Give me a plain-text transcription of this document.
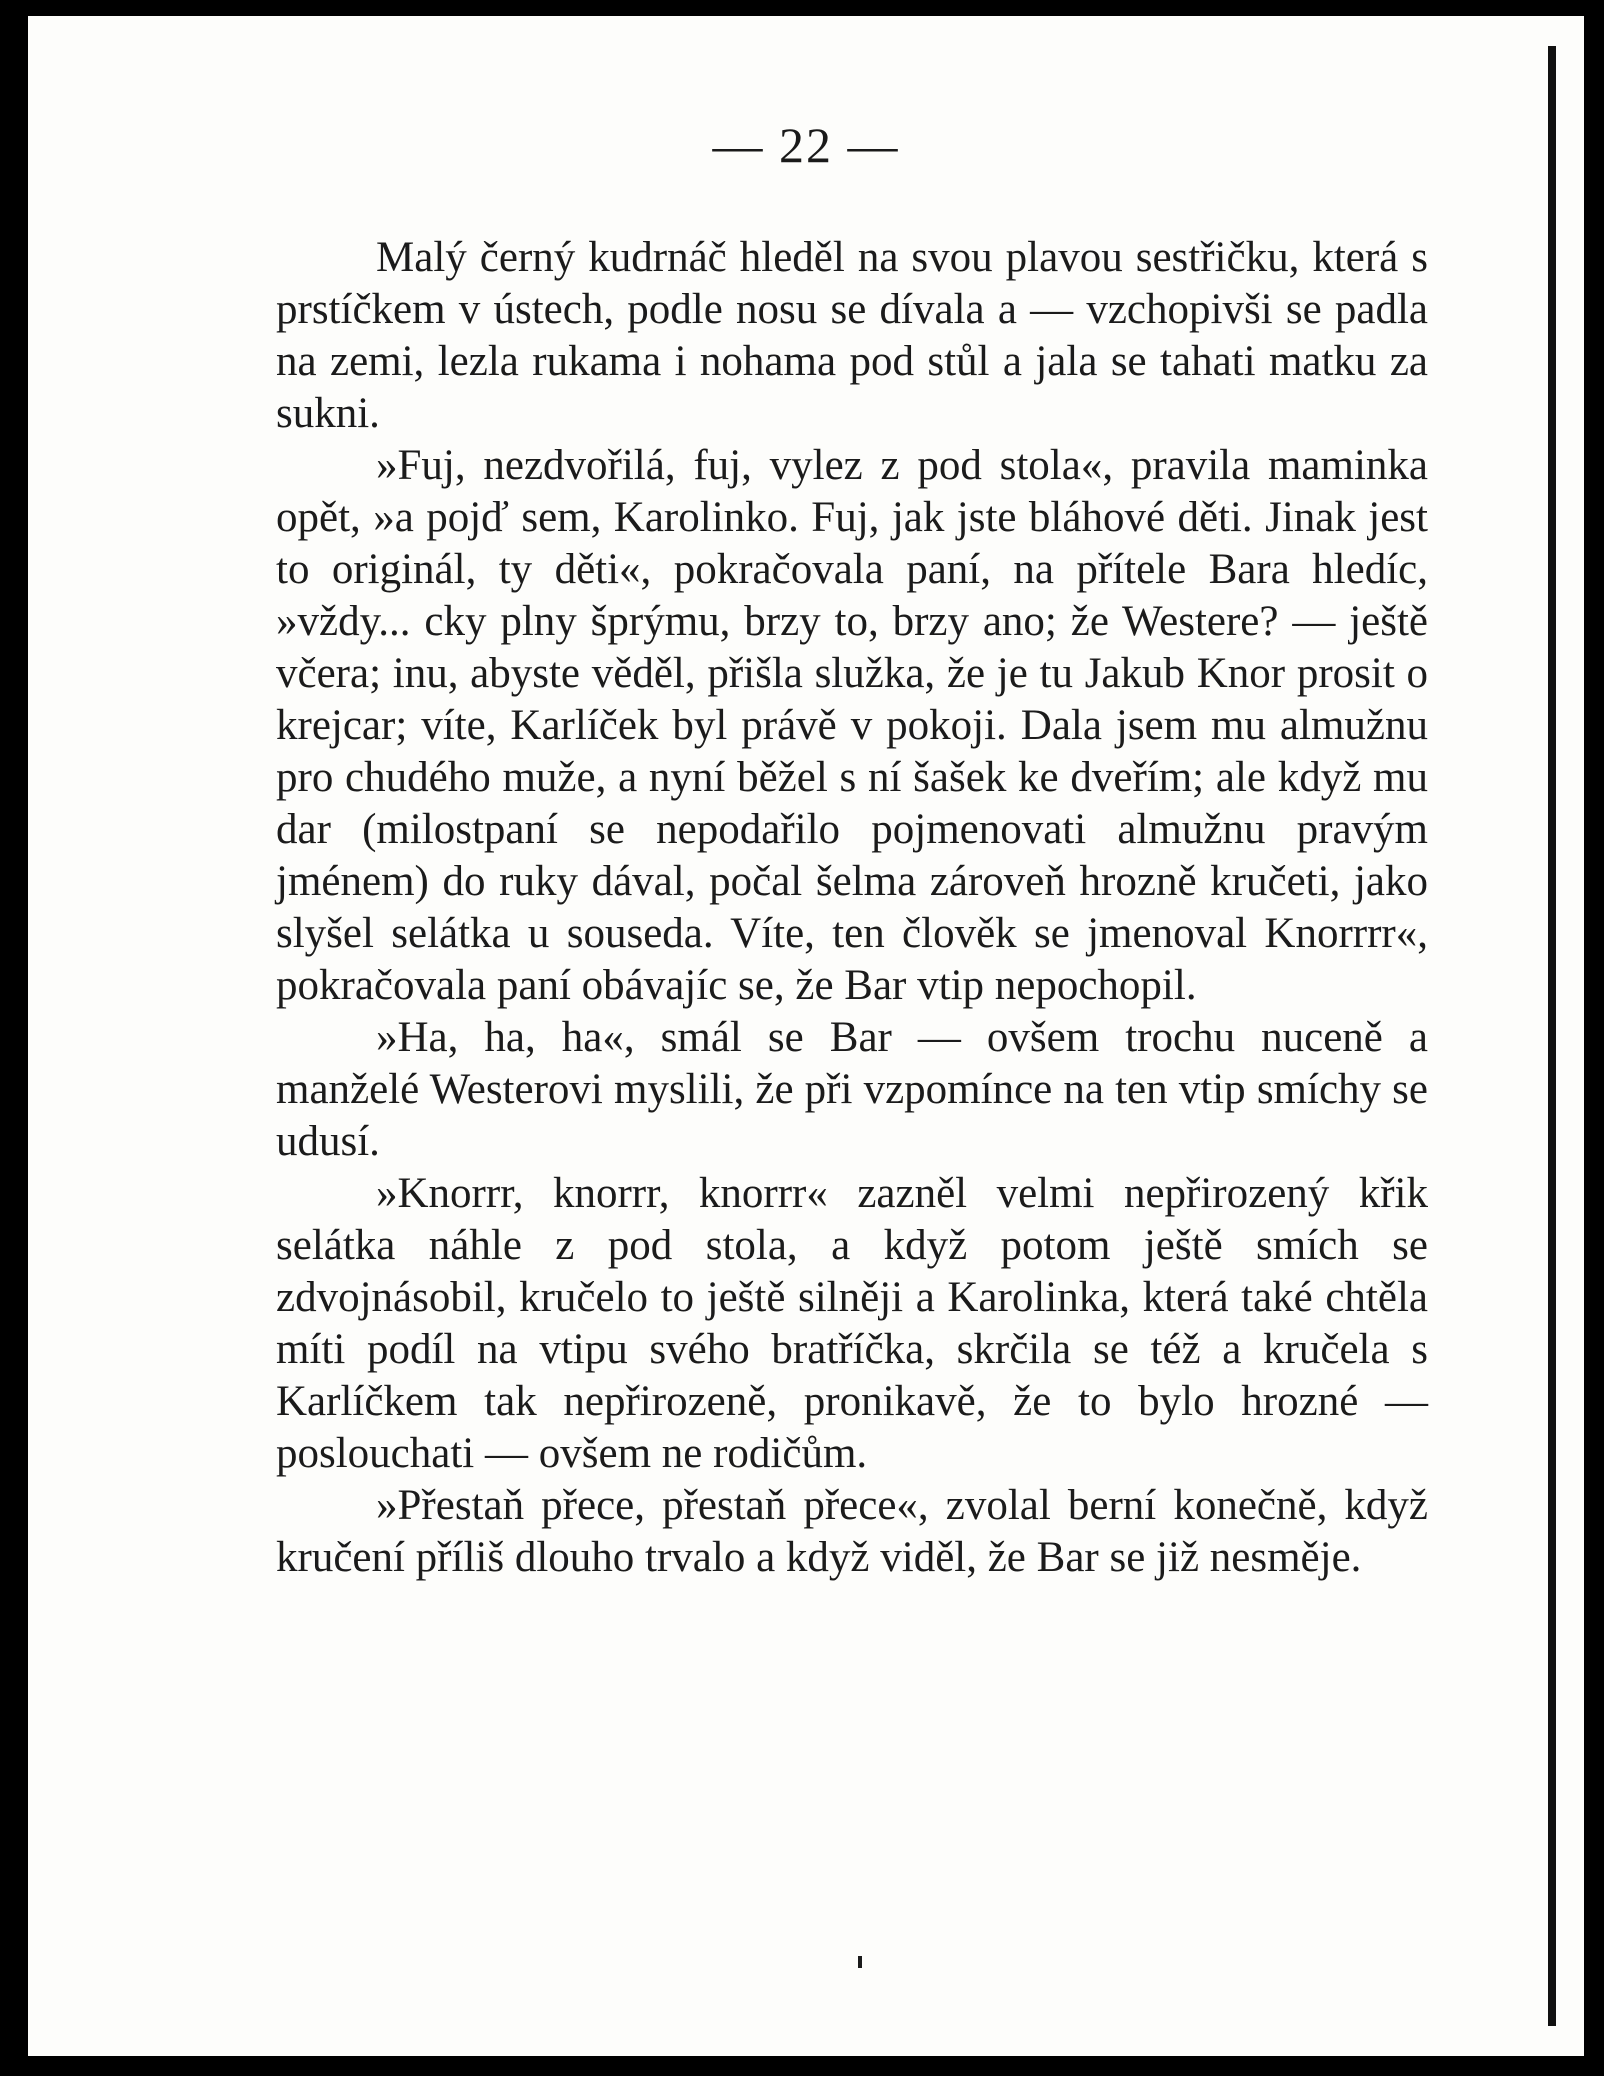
— 22 —

Malý černý kudrnáč hleděl na svou plavou sestřičku, která s prstíčkem v ústech, podle nosu se dívala a — vzchopivši se padla na zemi, lezla rukama i nohama pod stůl a jala se tahati matku za sukni.

»Fuj, nezdvořilá, fuj, vylez z pod stola«, pravila maminka opět, »a pojď sem, Karolinko. Fuj, jak jste bláhové děti. Jinak jest to originál, ty děti«, pokračovala paní, na přítele Bara hledíc, »vždy... cky plny šprýmu, brzy to, brzy ano; že Westere? — ještě včera; inu, abyste věděl, přišla služka, že je tu Jakub Knor prosit o krejcar; víte, Karlíček byl právě v pokoji. Dala jsem mu almužnu pro chudého muže, a nyní běžel s ní šašek ke dveřím; ale když mu dar (milostpaní se nepodařilo pojmenovati almužnu pravým jménem) do ruky dával, počal šelma zároveň hrozně kručeti, jako slyšel selátka u souseda. Víte, ten člověk se jmenoval Knorrrr«, pokračovala paní obávajíc se, že Bar vtip nepochopil.

»Ha, ha, ha«, smál se Bar — ovšem trochu nuceně a manželé Westerovi myslili, že při vzpomínce na ten vtip smíchy se udusí.

»Knorrr, knorrr, knorrr« zazněl velmi nepřirozený křik selátka náhle z pod stola, a když potom ještě smích se zdvojnásobil, kručelo to ještě silněji a Karolinka, která také chtěla míti podíl na vtipu svého bratříčka, skrčila se též a kručela s Karlíčkem tak nepřirozeně, pronikavě, že to bylo hrozné — poslouchati — ovšem ne rodičům.

»Přestaň přece, přestaň přece«, zvolal berní konečně, když kručení příliš dlouho trvalo a když viděl, že Bar se již nesměje.
